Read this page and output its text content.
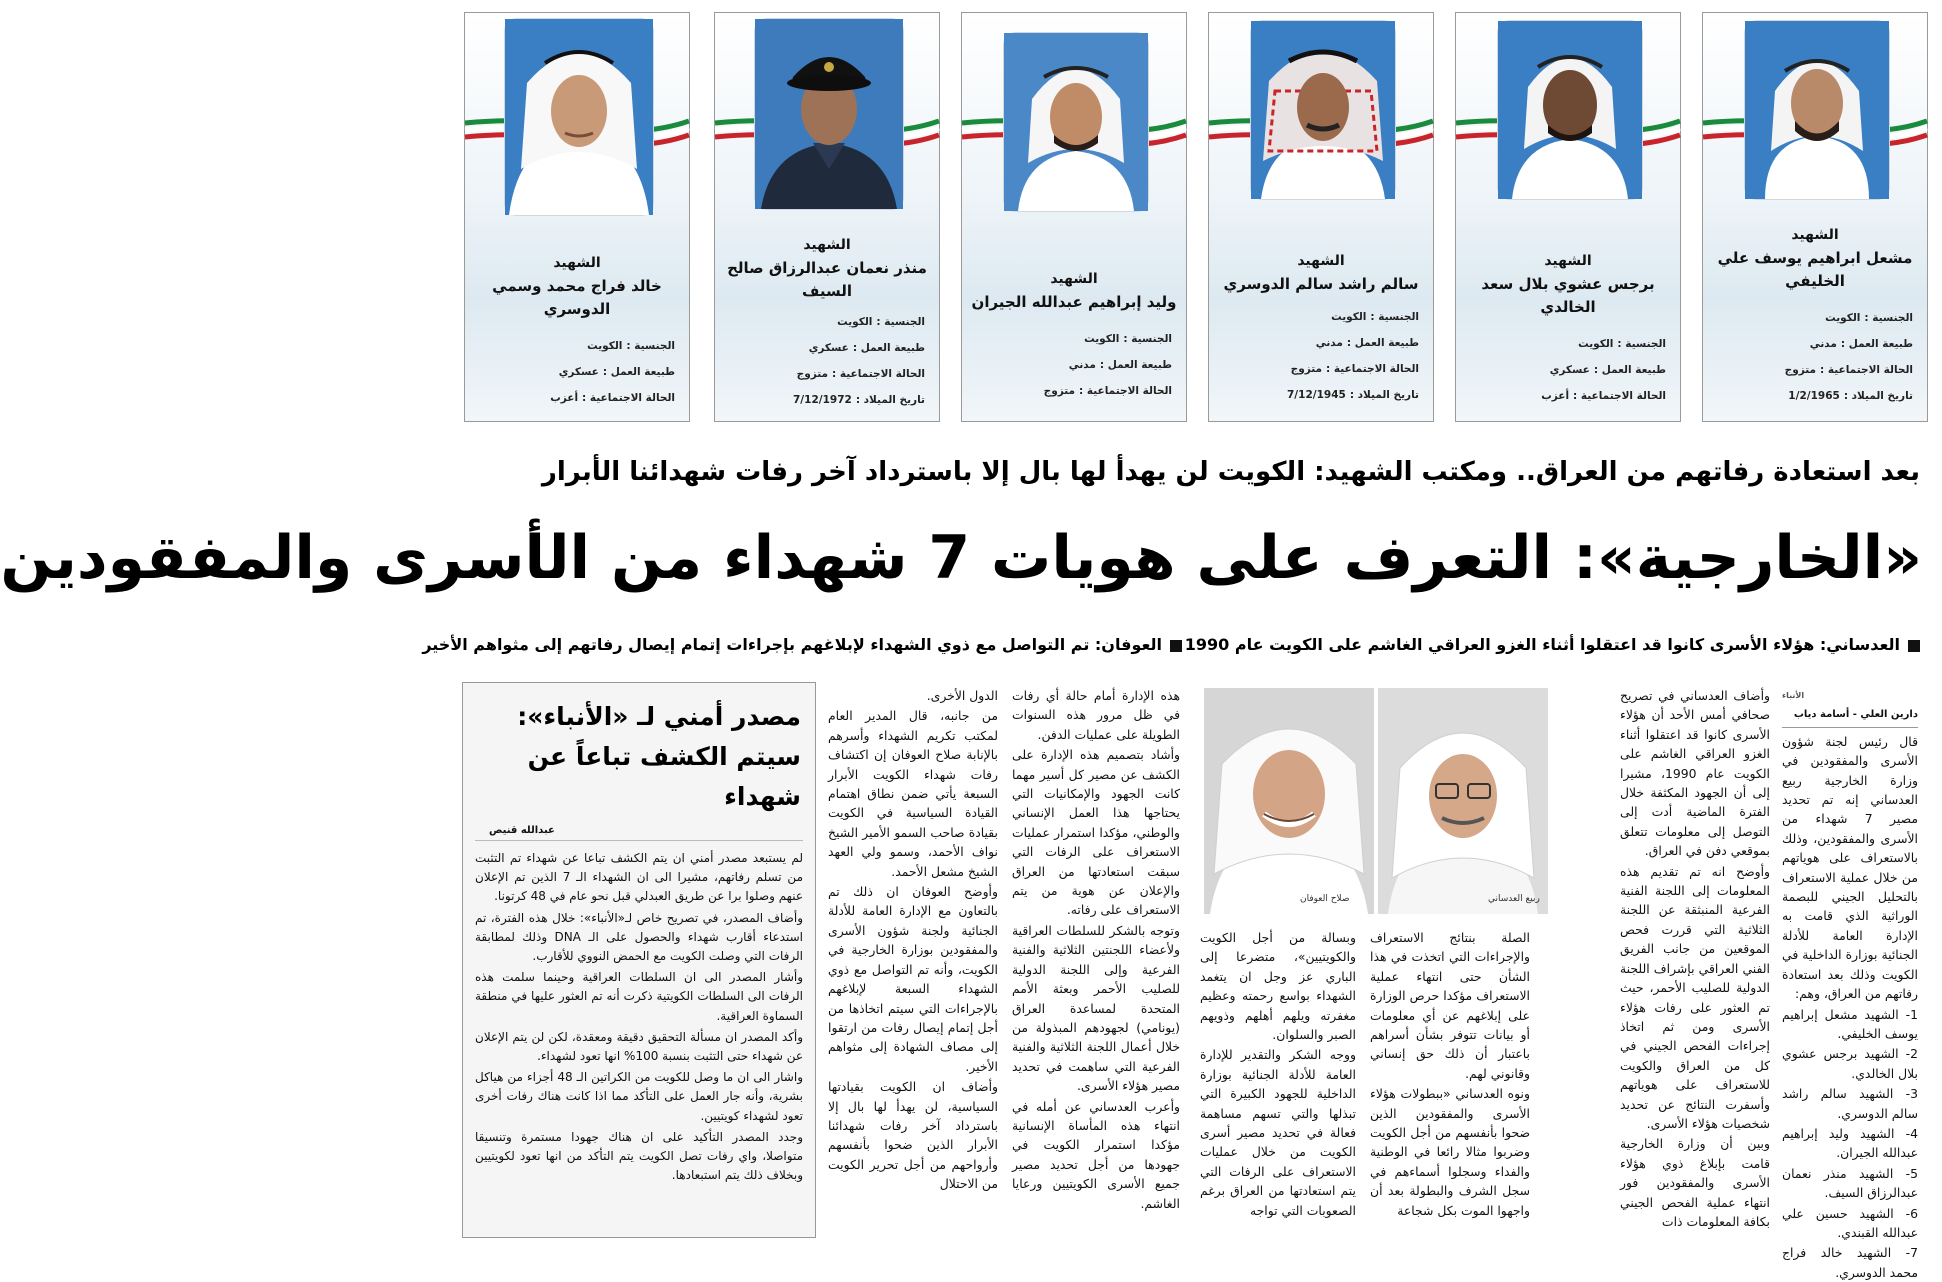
الشهيد
مشعل ابراهيم يوسف علي الخليفي
الجنسية :الكويت
طبيعة العمل :مدني
الحالة الاجتماعية :متزوج
تاريخ الميلاد :1/2/1965
الشهيد
برجس عشوي بلال سعد الخالدي
الجنسية :الكويت
طبيعة العمل :عسكري
الحالة الاجتماعية :أعزب
الشهيد
سالم راشد سالم الدوسري
الجنسية :الكويت
طبيعة العمل :مدني
الحالة الاجتماعية :متزوج
تاريخ الميلاد :7/12/1945
الشهيد
وليد إبراهيم عبدالله الجيران
الجنسية :الكويت
طبيعة العمل :مدني
الحالة الاجتماعية :متزوج
الشهيد
منذر نعمان عبدالرزاق صالح السيف
الجنسية :الكويت
طبيعة العمل :عسكري
الحالة الاجتماعية :متزوج
تاريخ الميلاد :7/12/1972
الشهيد
خالد فراج محمد وسمي الدوسري
الجنسية :الكويت
طبيعة العمل :عسكري
الحالة الاجتماعية :أعزب
بعد استعادة رفاتهم من العراق.. ومكتب الشهيد: الكويت لن يهدأ لها بال إلا باسترداد آخر رفات شهدائنا الأبرار
«الخارجية»: التعرف على هويات 7 شهداء من الأسرى والمفقودين
العدساني: هؤلاء الأسرى كانوا قد اعتقلوا أثناء الغزو العراقي الغاشم على الكويت عام 1990
العوفان: تم التواصل مع ذوي الشهداء لإبلاغهم بإجراءات إتمام إيصال رفاتهم إلى مثواهم الأخير
الأنباء
دارين العلي - أسامة دياب

قال رئيس لجنة شؤون الأسرى والمفقودين في وزارة الخارجية ربيع العدساني إنه تم تحديد مصير 7 شهداء من الأسرى والمفقودين، وذلك بالاستعراف على هوياتهم من خلال عملية الاستعراف بالتحليل الجيني للبصمة الوراثية الذي قامت به الإدارة العامة للأدلة الجنائية بوزارة الداخلية في الكويت وذلك بعد استعادة رفاتهم من العراق، وهم:

1- الشهيد مشعل إبراهيم يوسف الخليفي.

2- الشهيد برجس عشوي بلال الخالدي.

3- الشهيد سالم راشد سالم الدوسري.

4- الشهيد وليد إبراهيم عبدالله الجيران.

5- الشهيد منذر نعمان عبدالرزاق السيف.

6- الشهيد حسين علي عبدالله القبندي.

7- الشهيد خالد فراج محمد الدوسري.

وأضاف العدساني في تصريح صحافي أمس الأحد أن هؤلاء الأسرى كانوا قد اعتقلوا أثناء الغزو العراقي الغاشم على الكويت عام 1990، مشيرا إلى أن الجهود المكثفة خلال الفترة الماضية أدت إلى التوصل إلى معلومات تتعلق بموقعي دفن في العراق.

وأوضح انه تم تقديم هذه المعلومات إلى اللجنة الفنية الفرعية المنبثقة عن اللجنة الثلاثية التي قررت فحص الموقعين من جانب الفريق الفني العراقي بإشراف اللجنة الدولية للصليب الأحمر، حيث تم العثور على رفات هؤلاء الأسرى ومن ثم اتخاذ إجراءات الفحص الجيني في كل من العراق والكويت للاستعراف على هوياتهم وأسفرت النتائج عن تحديد شخصيات هؤلاء الأسرى.

وبين أن وزارة الخارجية قامت بإبلاغ ذوي هؤلاء الأسرى والمفقودين فور انتهاء عملية الفحص الجيني بكافة المعلومات ذات

ربيع العدساني
صلاح العوفان

الصلة بنتائج الاستعراف والإجراءات التي اتخذت في هذا الشأن حتى انتهاء عملية الاستعراف مؤكدا حرص الوزارة على إبلاغهم عن أي معلومات أو بيانات تتوفر بشأن أسراهم باعتبار أن ذلك حق إنساني وقانوني لهم.

ونوه العدساني «ببطولات هؤلاء الأسرى والمفقودين الذين ضحوا بأنفسهم من أجل الكويت وضربوا مثالا رائعا في الوطنية والفداء وسجلوا أسماءهم في سجل الشرف والبطولة بعد أن واجهوا الموت بكل شجاعة

وبسالة من أجل الكويت والكويتيين»، متضرعا إلى الباري عز وجل ان يتغمد الشهداء بواسع رحمته وعظيم مغفرته ويلهم أهلهم وذويهم الصبر والسلوان.

ووجه الشكر والتقدير للإدارة العامة للأدلة الجنائية بوزارة الداخلية للجهود الكبيرة التي تبذلها والتي تسهم مساهمة فعالة في تحديد مصير أسرى الكويت من خلال عمليات الاستعراف على الرفات التي يتم استعادتها من العراق برغم الصعوبات التي تواجه

هذه الإدارة أمام حالة أي رفات في ظل مرور هذه السنوات الطويلة على عمليات الدفن.

وأشاد بتصميم هذه الإدارة على الكشف عن مصير كل أسير مهما كانت الجهود والإمكانيات التي يحتاجها هذا العمل الإنساني والوطني، مؤكدا استمرار عمليات الاستعراف على الرفات التي سبقت استعادتها من العراق والإعلان عن هوية من يتم الاستعراف على رفاته.

وتوجه بالشكر للسلطات العراقية ولأعضاء اللجنتين الثلاثية والفنية الفرعية وإلى اللجنة الدولية للصليب الأحمر وبعثة الأمم المتحدة لمساعدة العراق (يونامي) لجهودهم المبذولة من خلال أعمال اللجنة الثلاثية والفنية الفرعية التي ساهمت في تحديد مصير هؤلاء الأسرى.

وأعرب العدساني عن أمله في انتهاء هذه المأساة الإنسانية مؤكدا استمرار الكويت في جهودها من أجل تحديد مصير جميع الأسرى الكويتيين ورعايا الغاشم.

الدول الأخرى.

من جانبه، قال المدير العام لمكتب تكريم الشهداء وأسرهم بالإنابة صلاح العوفان إن اكتشاف رفات شهداء الكويت الأبرار السبعة يأتي ضمن نطاق اهتمام القيادة السياسية في الكويت بقيادة صاحب السمو الأمير الشيخ نواف الأحمد، وسمو ولي العهد الشيخ مشعل الأحمد.

وأوضح العوفان ان ذلك تم بالتعاون مع الإدارة العامة للأدلة الجنائية ولجنة شؤون الأسرى والمفقودين بوزارة الخارجية في الكويت، وأنه تم التواصل مع ذوي الشهداء السبعة لإبلاغهم بالإجراءات التي سيتم اتخاذها من أجل إتمام إيصال رفات من ارتقوا إلى مصاف الشهادة إلى مثواهم الأخير.

وأضاف ان الكويت بقيادتها السياسية، لن يهدأ لها بال إلا باسترداد آخر رفات شهدائنا الأبرار الذين ضحوا بأنفسهم وأرواحهم من أجل تحرير الكويت من الاحتلال

مصدر أمني لـ «الأنباء»: سيتم الكشف تباعاً عن شهداء
عبدالله قنيص

لم يستبعد مصدر أمني ان يتم الكشف تباعا عن شهداء تم التثبت من تسلم رفاتهم، مشيرا الى ان الشهداء الـ 7 الذين تم الإعلان عنهم وصلوا برا عن طريق العبدلي قبل نحو عام في 48 كرتونا.

وأضاف المصدر، في تصريح خاص لـ«الأنباء»: خلال هذه الفترة، تم استدعاء أقارب شهداء والحصول على الـ DNA وذلك لمطابقة الرفات التي وصلت الكويت مع الحمض النووي للأقارب.

وأشار المصدر الى ان السلطات العراقية وحينما سلمت هذه الرفات الى السلطات الكويتية ذكرت أنه تم العثور عليها في منطقة السماوة العراقية.

وأكد المصدر ان مسألة التحقيق دقيقة ومعقدة، لكن لن يتم الإعلان عن شهداء حتى التثبت بنسبة 100% انها تعود لشهداء.

واشار الى ان ما وصل للكويت من الكراتين الـ 48 أجزاء من هياكل بشرية، وأنه جار العمل على التأكد مما اذا كانت هناك رفات أخرى تعود لشهداء كويتيين.

وجدد المصدر التأكيد على ان هناك جهودا مستمرة وتنسيقا متواصلا، واي رفات تصل الكويت يتم التأكد من انها تعود لكويتيين وبخلاف ذلك يتم استبعادها.
